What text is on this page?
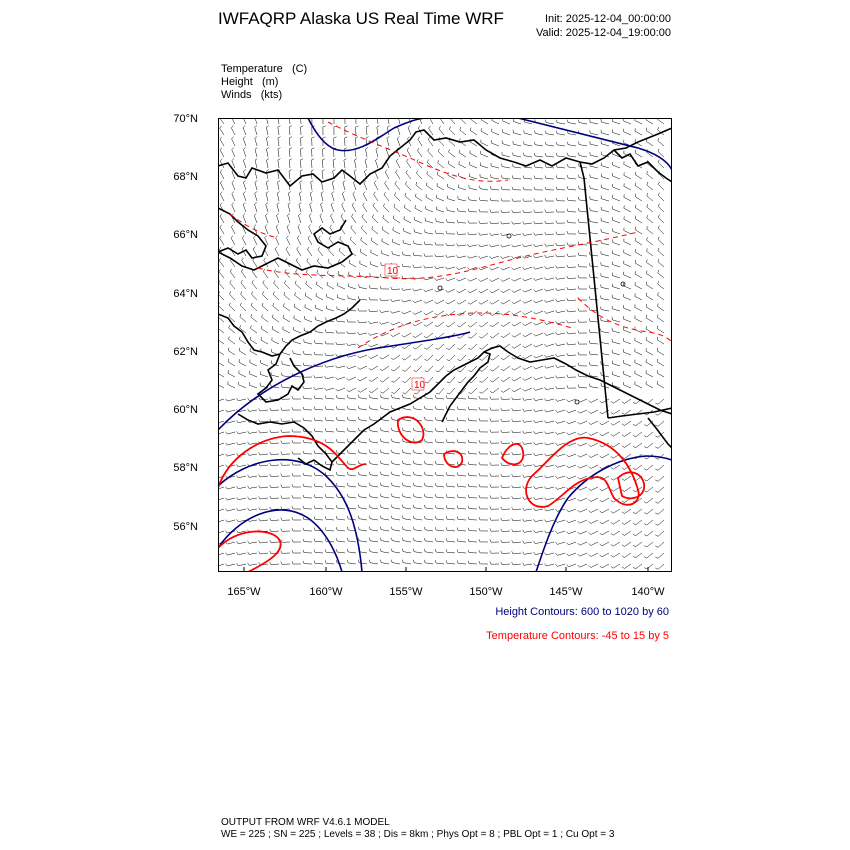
IWFAQRP Alaska US Real Time WRF	Init: 2025-12-04_00:00:00
Valid: 2025-12-04_19:00:00
Temperature (C)
Height (m)
Winds (kts)
10
10
70°N
68°N
66°N
64°N
62°N
60°N
58°N
56°N
165°W	160°W	155°W	150°W	145°W	140°W
Height Contours: 600 to 1020 by 60
Temperature Contours: -45 to 15 by 5
OUTPUT FROM WRF V4.6.1 MODEL
WE = 225 ; SN = 225 ; Levels = 38 ; Dis = 8km ; Phys Opt = 8 ; PBL Opt = 1 ; Cu Opt = 3
